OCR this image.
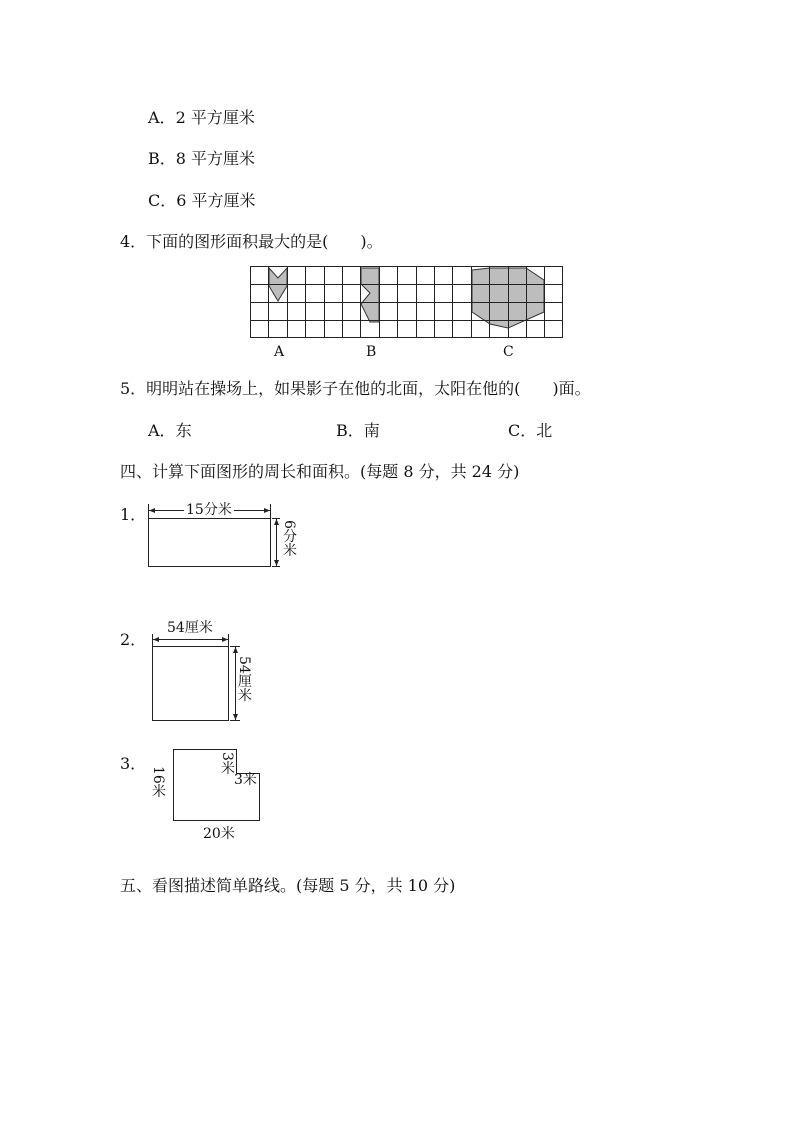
A．2 平方厘米
B．8 平方厘米
C．6 平方厘米
4．下面的图形面积最大的是(　　)。
A	B	C
5．明明站在操场上，如果影子在他的北面，太阳在他的(　　)面。
A．东	B．南	C．北
四、计算下面图形的周长和面积。(每题 8 分，共 24 分)
1．	15分米
6分米
2．
54厘米
54厘米
3．
16米
20米
3米
3米
五、看图描述简单路线。(每题 5 分，共 10 分)
